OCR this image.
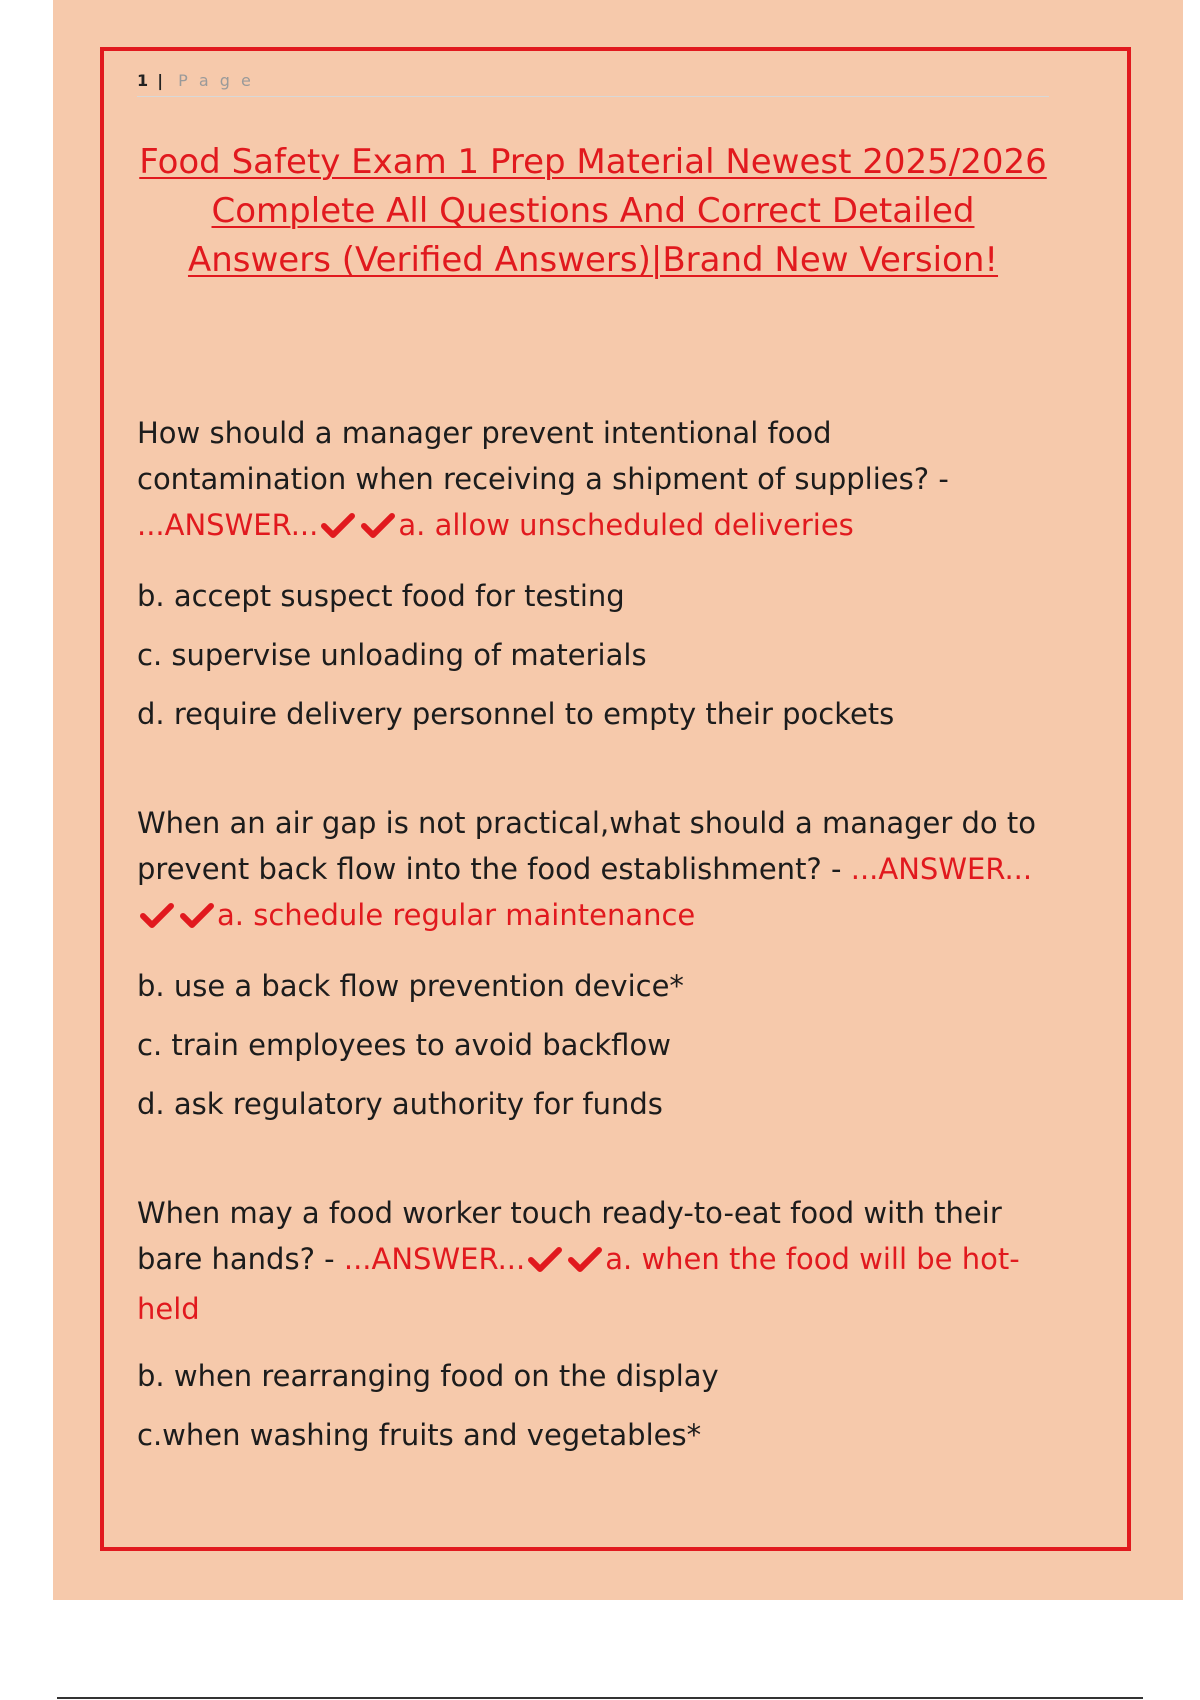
1 | P a g e
Food Safety Exam 1 Prep Material Newest 2025/2026 Complete All Questions And Correct Detailed Answers (Verified Answers)|Brand New Version!
How should a manager prevent intentional food contamination when receiving a shipment of supplies? - ...ANSWER...	a. allow unscheduled deliveries
b. accept suspect food for testing
c. supervise unloading of materials
d. require delivery personnel to empty their pockets
When an air gap is not practical,what should a manager do to prevent back flow into the food establishment? - ...ANSWER...a. schedule regular maintenance
b. use a back flow prevention device*
c. train employees to avoid backflow
d. ask regulatory authority for funds
When may a food worker touch ready-to-eat food with their bare hands? - ...ANSWER...	a. when the food will be hot-held
b. when rearranging food on the display
c.when washing fruits and vegetables*
